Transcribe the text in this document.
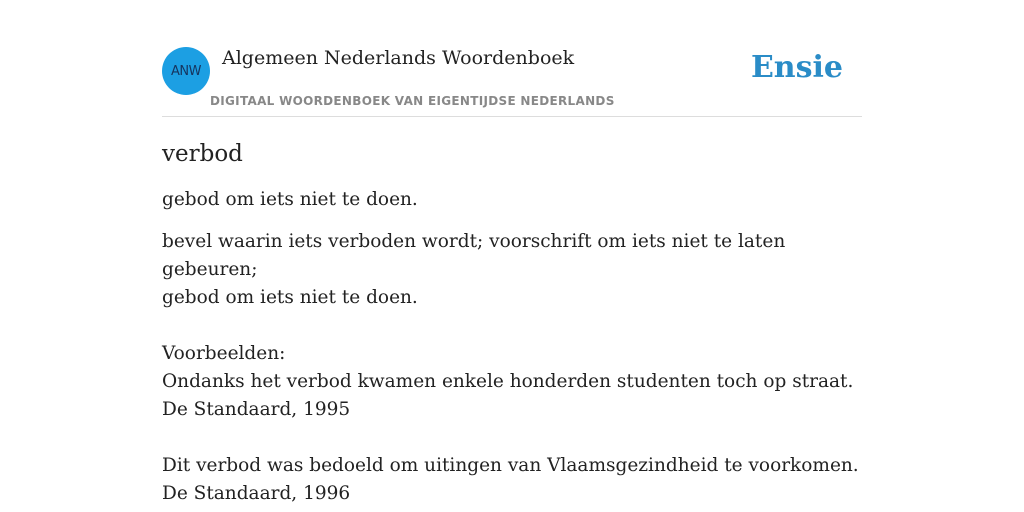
ANW
Algemeen Nederlands Woordenboek
DIGITAAL WOORDENBOEK VAN EIGENTIJDSE NEDERLANDS
Ensie
verbod
gebod om iets niet te doen.
bevel waarin iets verboden wordt; voorschrift om iets niet te laten gebeuren;
gebod om iets niet te doen.
Voorbeelden:
Ondanks het verbod kwamen enkele honderden studenten toch op straat.
De Standaard, 1995
Dit verbod was bedoeld om uitingen van Vlaamsgezindheid te voorkomen.
De Standaard, 1996
